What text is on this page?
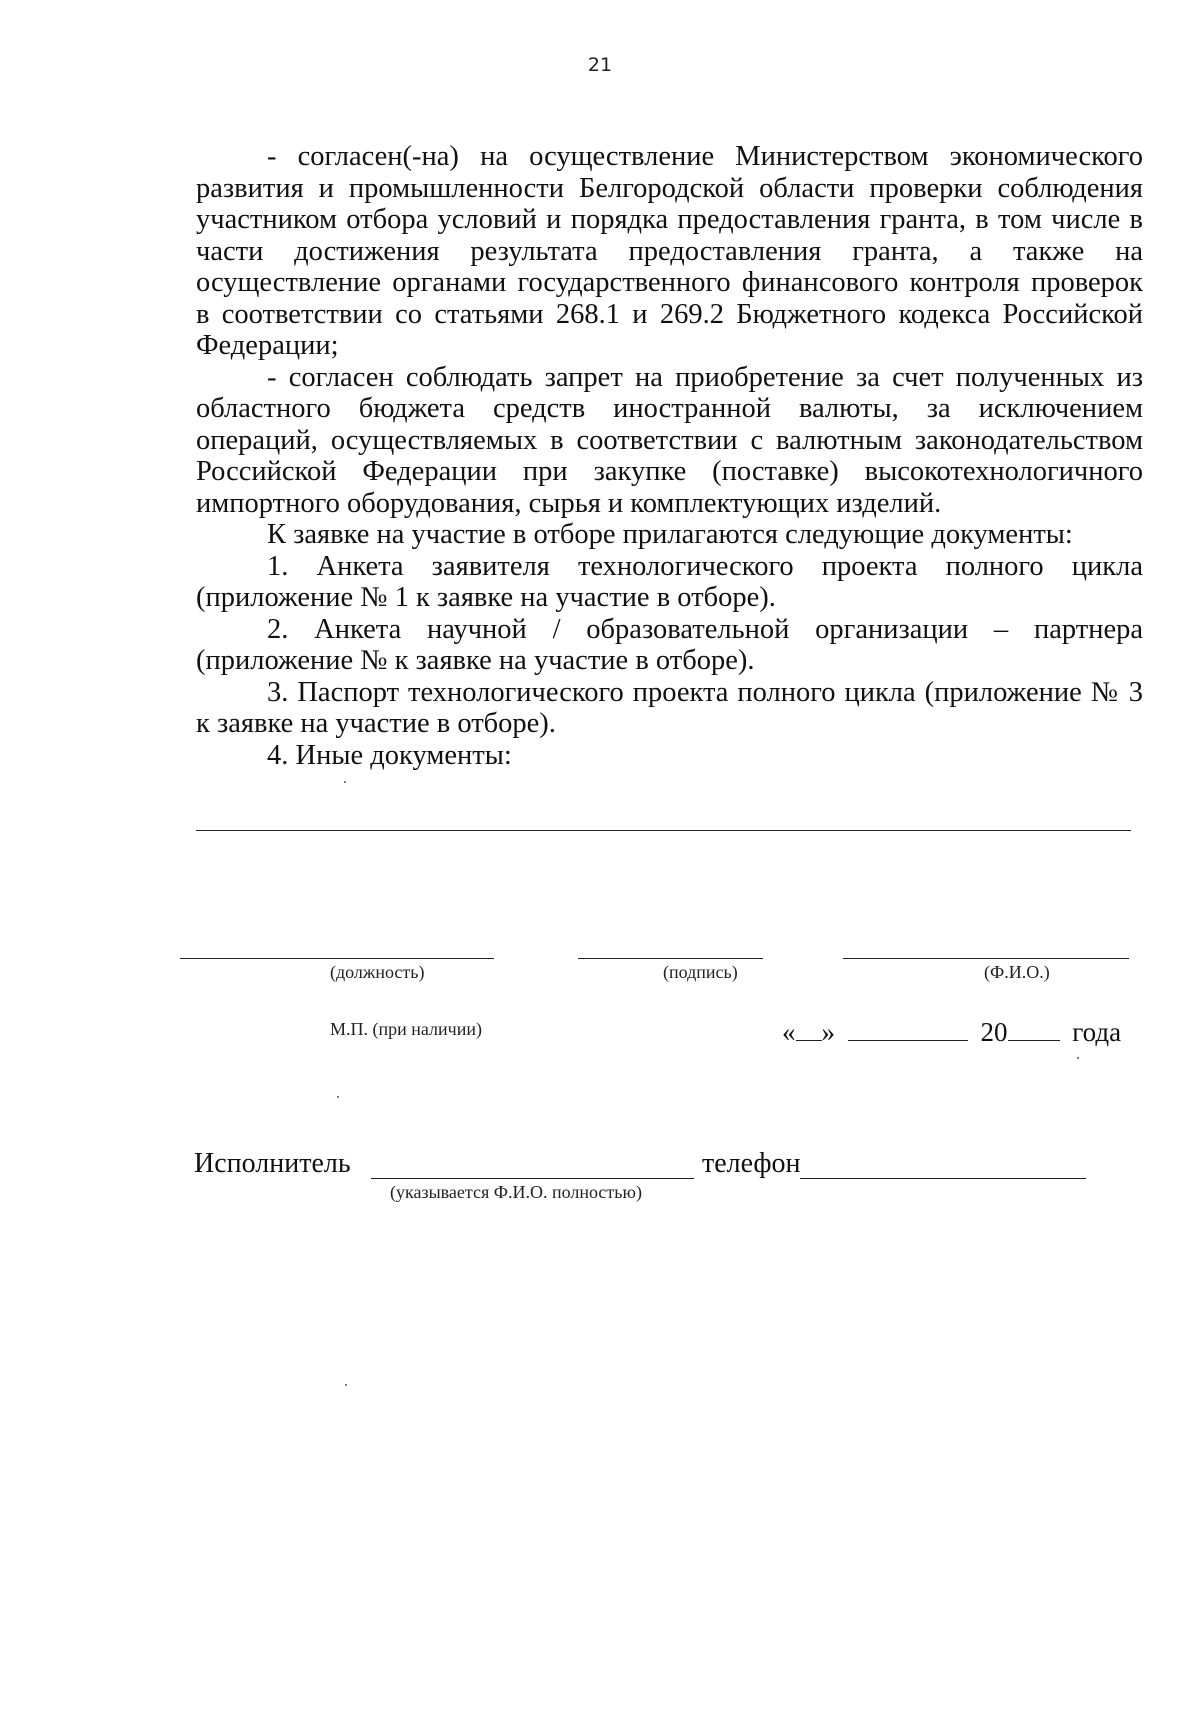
21

- согласен(-на) на осуществление Министерством экономического развития и промышленности Белгородской области проверки соблюдения участником отбора условий и порядка предоставления гранта, в том числе в части достижения результата предоставления гранта, а также на осуществление органами государственного финансового контроля проверок в соответствии со статьями 268.1 и 269.2 Бюджетного кодекса Российской Федерации;

- согласен соблюдать запрет на приобретение за счет полученных из областного бюджета средств иностранной валюты, за исключением операций, осуществляемых в соответствии с валютным законодательством Российской Федерации при закупке (поставке) высокотехнологичного импортного оборудования, сырья и комплектующих изделий.

К заявке на участие в отборе прилагаются следующие документы:

1. Анкета заявителя технологического проекта полного цикла (приложение № 1 к заявке на участие в отборе).

2. Анкета научной / образовательной организации – партнера (приложение № к заявке на участие в отборе).

3. Паспорт технологического проекта полного цикла (приложение № 3 к заявке на участие в отборе).

4. Иные документы:

(должность)	(подпись)	(Ф.И.О.)
М.П. (при наличии)	« »	20 года
Исполнитель	телефон
(указывается Ф.И.О. полностью)
